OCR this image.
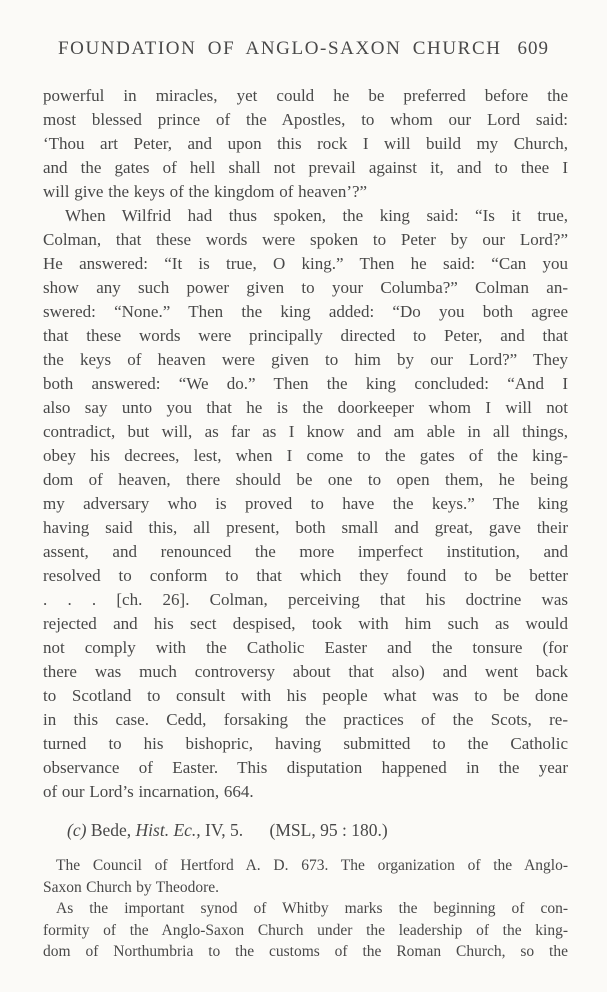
FOUNDATION OF ANGLO-SAXON CHURCH 609
powerful in miracles, yet could he be preferred before the
most blessed prince of the Apostles, to whom our Lord said:
‘Thou art Peter, and upon this rock I will build my Church,
and the gates of hell shall not prevail against it, and to thee I
will give the keys of the kingdom of heaven’?”
When Wilfrid had thus spoken, the king said: “Is it true,
Colman, that these words were spoken to Peter by our Lord?”
He answered: “It is true, O king.” Then he said: “Can you
show any such power given to your Columba?” Colman an-
swered: “None.” Then the king added: “Do you both agree
that these words were principally directed to Peter, and that
the keys of heaven were given to him by our Lord?” They
both answered: “We do.” Then the king concluded: “And I
also say unto you that he is the doorkeeper whom I will not
contradict, but will, as far as I know and am able in all things,
obey his decrees, lest, when I come to the gates of the king-
dom of heaven, there should be one to open them, he being
my adversary who is proved to have the keys.” The king
having said this, all present, both small and great, gave their
assent, and renounced the more imperfect institution, and
resolved to conform to that which they found to be better
. . . [ch. 26]. Colman, perceiving that his doctrine was
rejected and his sect despised, took with him such as would
not comply with the Catholic Easter and the tonsure (for
there was much controversy about that also) and went back
to Scotland to consult with his people what was to be done
in this case. Cedd, forsaking the practices of the Scots, re-
turned to his bishopric, having submitted to the Catholic
observance of Easter. This disputation happened in the year
of our Lord’s incarnation, 664.
(c) Bede, Hist. Ec., IV, 5. (MSL, 95 : 180.)
The Council of Hertford A. D. 673. The organization of the Anglo-
Saxon Church by Theodore.
As the important synod of Whitby marks the beginning of con-
formity of the Anglo-Saxon Church under the leadership of the king-
dom of Northumbria to the customs of the Roman Church, so the
